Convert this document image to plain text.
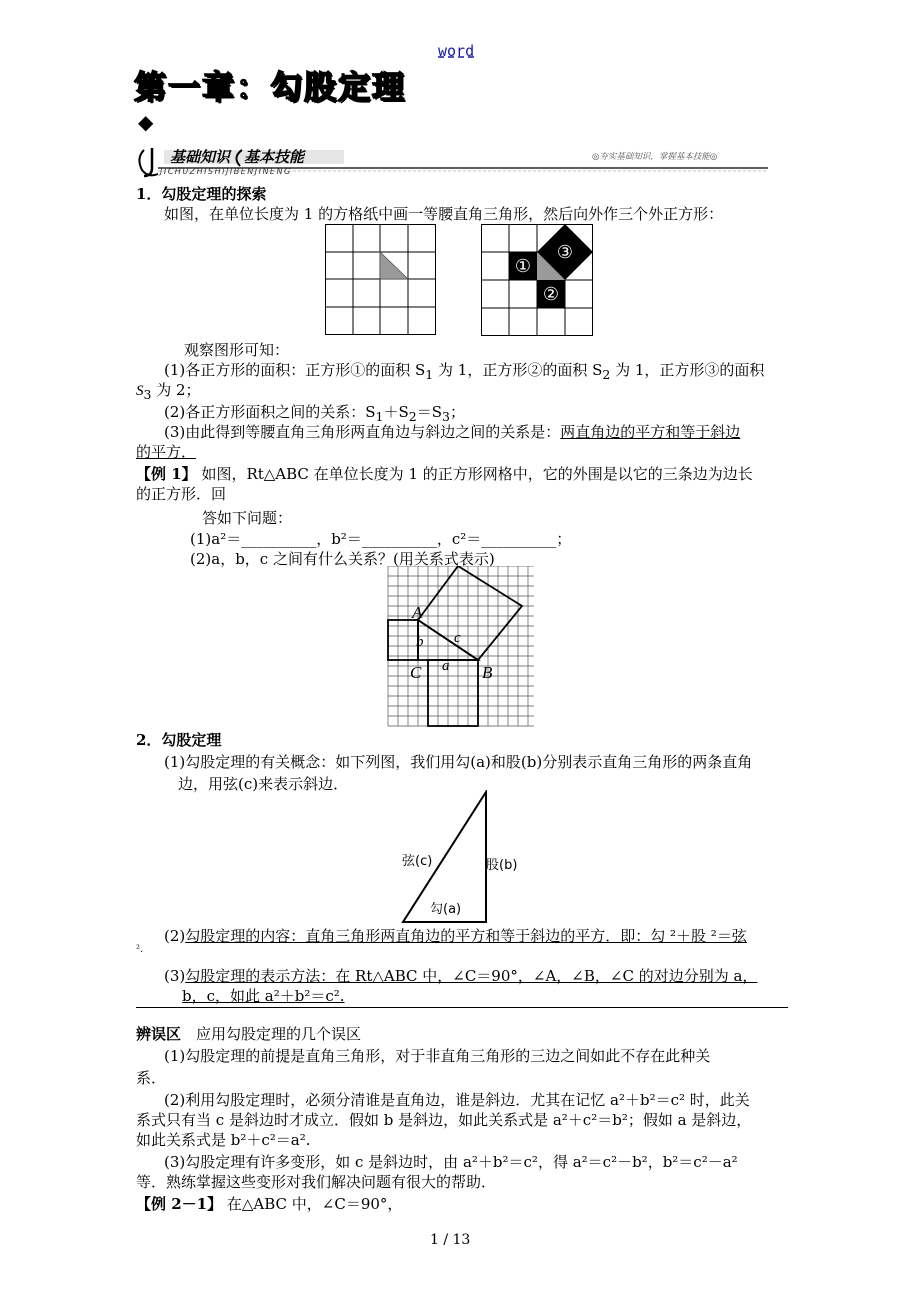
word
第一章：勾股定理
◆
基础知识 基本技能
JICHUZHISHIJIBENJINENG
◎夯实基础知识，掌握基本技能◎
1．勾股定理的探索
如图，在单位长度为 1 的方格纸中画一等腰直角三角形，然后向外作三个外正方形：
①
②
③
观察图形可知：
(1)各正方形的面积：正方形①的面积 $S_1$ 为 1，正方形②的面积 $S_2$ 为 1，正方形③的面积
$S_3$ 为 2；
(2)各正方形面积之间的关系：$S_1+S_2=S_3$；
(3)由此得到等腰直角三角形两直角边与斜边之间的关系是：两直角边的平方和等于斜边
的平方．
【例 1】 如图，Rt△ABC 在单位长度为 1 的正方形网格中，它的外围是以它的三条边为边长
的正方形．回
答如下问题：
(1)a²＝__________，b²＝__________，c²＝__________；
(2)a，b，c 之间有什么关系？(用关系式表示)
A
B
C a
b c
2．勾股定理
(1)勾股定理的有关概念：如下列图，我们用勾(a)和股(b)分别表示直角三角形的两条直角
边，用弦(c)来表示斜边．
弦(c)	股(b)
勾(a)
(2)勾股定理的内容：直角三角形两直角边的平方和等于斜边的平方．即：勾 ²＋股 ²＝弦
².
(3)勾股定理的表示方法：在 Rt△ABC 中，∠C＝90°，∠A，∠B，∠C 的对边分别为 a，
b，c，如此 a²＋b²＝c².
辨误区　应用勾股定理的几个误区
(1)勾股定理的前提是直角三角形，对于非直角三角形的三边之间如此不存在此种关
系．
(2)利用勾股定理时，必须分清谁是直角边，谁是斜边．尤其在记忆 a²＋b²＝c² 时，此关
系式只有当 c 是斜边时才成立．假如 b 是斜边，如此关系式是 a²＋c²＝b²；假如 a 是斜边，
如此关系式是 b²＋c²＝a².
(3)勾股定理有许多变形，如 c 是斜边时，由 a²＋b²＝c²，得 a²＝c²－b²，b²＝c²－a²
等．熟练掌握这些变形对我们解决问题有很大的帮助．
【例 2－1】 在△ABC 中，∠C＝90°，
1 / 13
